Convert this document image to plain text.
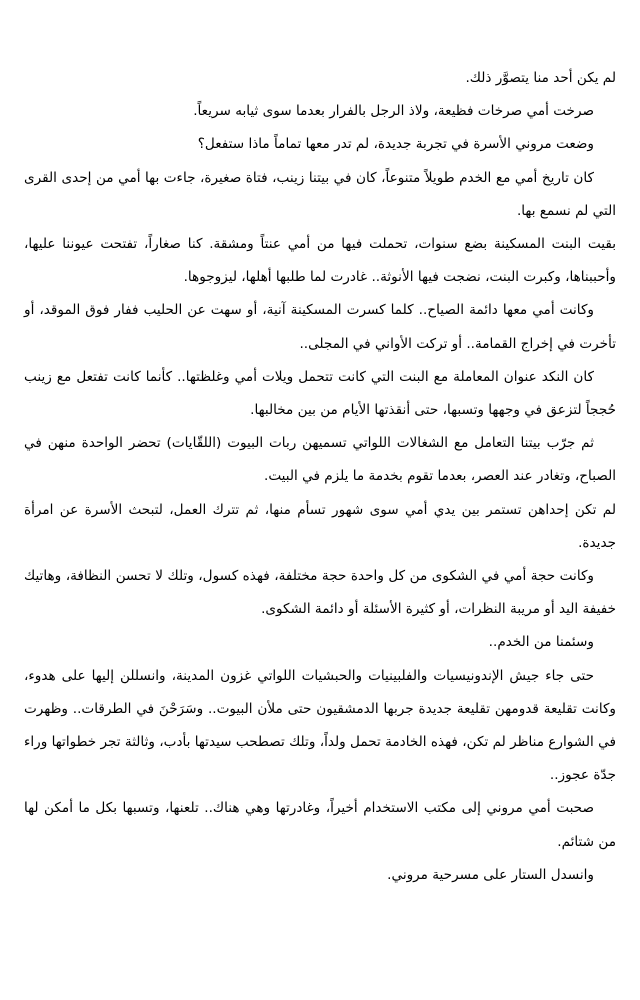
لم يكن أحد منا يتصوَّر ذلك.

صرخت أمي صرخات فظيعة، ولاذ الرجل بالفرار بعدما سوى ثيابه سريعاً.

وضعت مروني الأسرة في تجربة جديدة، لم تدر معها تماماً ماذا ستفعل؟

كان تاريخ أمي مع الخدم طويلاً متنوعاً، كان في بيتنا زينب، فتاة صغيرة، جاءت بها أمي من إحدى القرى التي لم نسمع بها.

بقيت البنت المسكينة بضع سنوات، تحملت فيها من أمي عنتاً ومشقة. كنا صغاراً، تفتحت عيوننا عليها، وأحببناها، وكبرت البنت، نضجت فيها الأنوثة.. غادرت لما طلبها أهلها، ليزوجوها.

وكانت أمي معها دائمة الصياح.. كلما كسرت المسكينة آنية، أو سهت عن الحليب ففار فوق الموقد، أو تأخرت في إخراج القمامة.. أو تركت الأواني في المجلى..

كان النكد عنوان المعاملة مع البنت التي كانت تتحمل ويلات أمي وغلظتها.. كأنما كانت تفتعل مع زينب حُججاً لتزعق في وجهها وتسبها، حتى أنقذتها الأيام من بين مخالبها.

ثم جرّب بيتنا التعامل مع الشغالات اللواتي تسميهن ربات البيوت (اللقّايات) تحضر الواحدة منهن في الصباح، وتغادر عند العصر، بعدما تقوم بخدمة ما يلزم في البيت.

لم تكن إحداهن تستمر بين يدي أمي سوى شهور تسأم منها، ثم تترك العمل، لتبحث الأسرة عن امرأة جديدة.

وكانت حجة أمي في الشكوى من كل واحدة حجة مختلفة، فهذه كسول، وتلك لا تحسن النظافة، وهاتيك خفيفة اليد أو مريبة النظرات، أو كثيرة الأسئلة أو دائمة الشكوى.

وسئمنا من الخدم..

حتى جاء جيش الإندونيسيات والفلبينيات والحبشيات اللواتي غزون المدينة، وانسللن إليها على هدوء، وكانت تقليعة قدومهن تقليعة جديدة جربها الدمشقيون حتى ملأن البيوت.. وسَرَحْنَ في الطرقات.. وظهرت في الشوارع مناظر لم تكن، فهذه الخادمة تحمل ولداً، وتلك تصطحب سيدتها بأدب، وثالثة تجر خطواتها وراء جدّة عجوز..

صحبت أمي مروني إلى مكتب الاستخدام أخيراً، وغادرتها وهي هناك.. تلعنها، وتسبها بكل ما أمكن لها من شتائم.

وانسدل الستار على مسرحية مروني.
